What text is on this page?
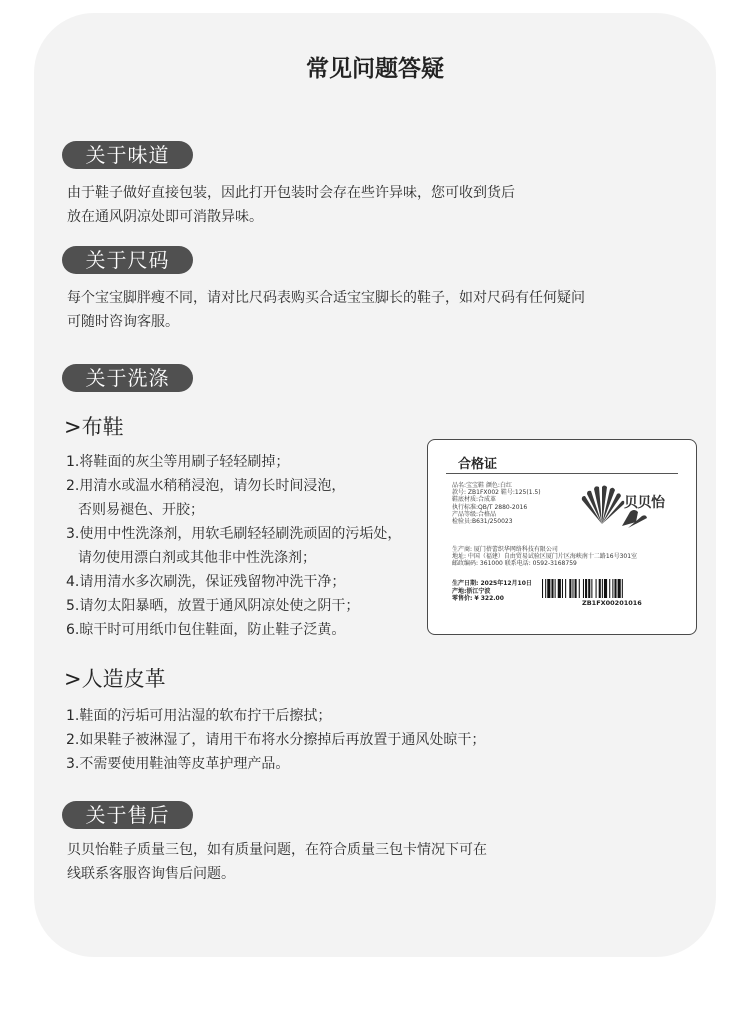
常见问题答疑
关于味道
由于鞋子做好直接包装，因此打开包装时会存在些许异味，您可收到货后
放在通风阴凉处即可消散异味。
关于尺码
每个宝宝脚胖瘦不同，请对比尺码表购买合适宝宝脚长的鞋子，如对尺码有任何疑问
可随时咨询客服。
关于洗涤
>布鞋
1.将鞋面的灰尘等用刷子轻轻刷掉；
2.用清水或温水稍稍浸泡，请勿长时间浸泡，
否则易褪色、开胶；
3.使用中性洗涤剂，用软毛刷轻轻刷洗顽固的污垢处，
请勿使用漂白剂或其他非中性洗涤剂；
4.请用清水多次刷洗，保证残留物冲洗干净；
5.请勿太阳暴晒，放置于通风阴凉处使之阴干；
6.晾干时可用纸巾包住鞋面，防止鞋子泛黄。
合格证
品名:宝宝鞋 颜色:白红
款号: ZB1FX002 鞋号:125(1.5)
鞋底材质:合成革
执行标准:QB/T 2880-2016
产品等级:合格品
检验员:B631/250023
贝贝怡
生产商: 厦门蓓蕾织华网络科技有限公司
地址: 中国（福建）自由贸易试验区厦门片区海峡南十二路16号301室
邮政编码: 361000 联系电话: 0592-3168759
生产日期: 2025年12月10日
产地:浙江宁波
零售价: ¥ 322.00
ZB1FX00201016
>人造皮革
1.鞋面的污垢可用沾湿的软布拧干后擦拭；
2.如果鞋子被淋湿了，请用干布将水分擦掉后再放置于通风处晾干；
3.不需要使用鞋油等皮革护理产品。
关于售后
贝贝怡鞋子质量三包，如有质量问题，在符合质量三包卡情况下可在
线联系客服咨询售后问题。
